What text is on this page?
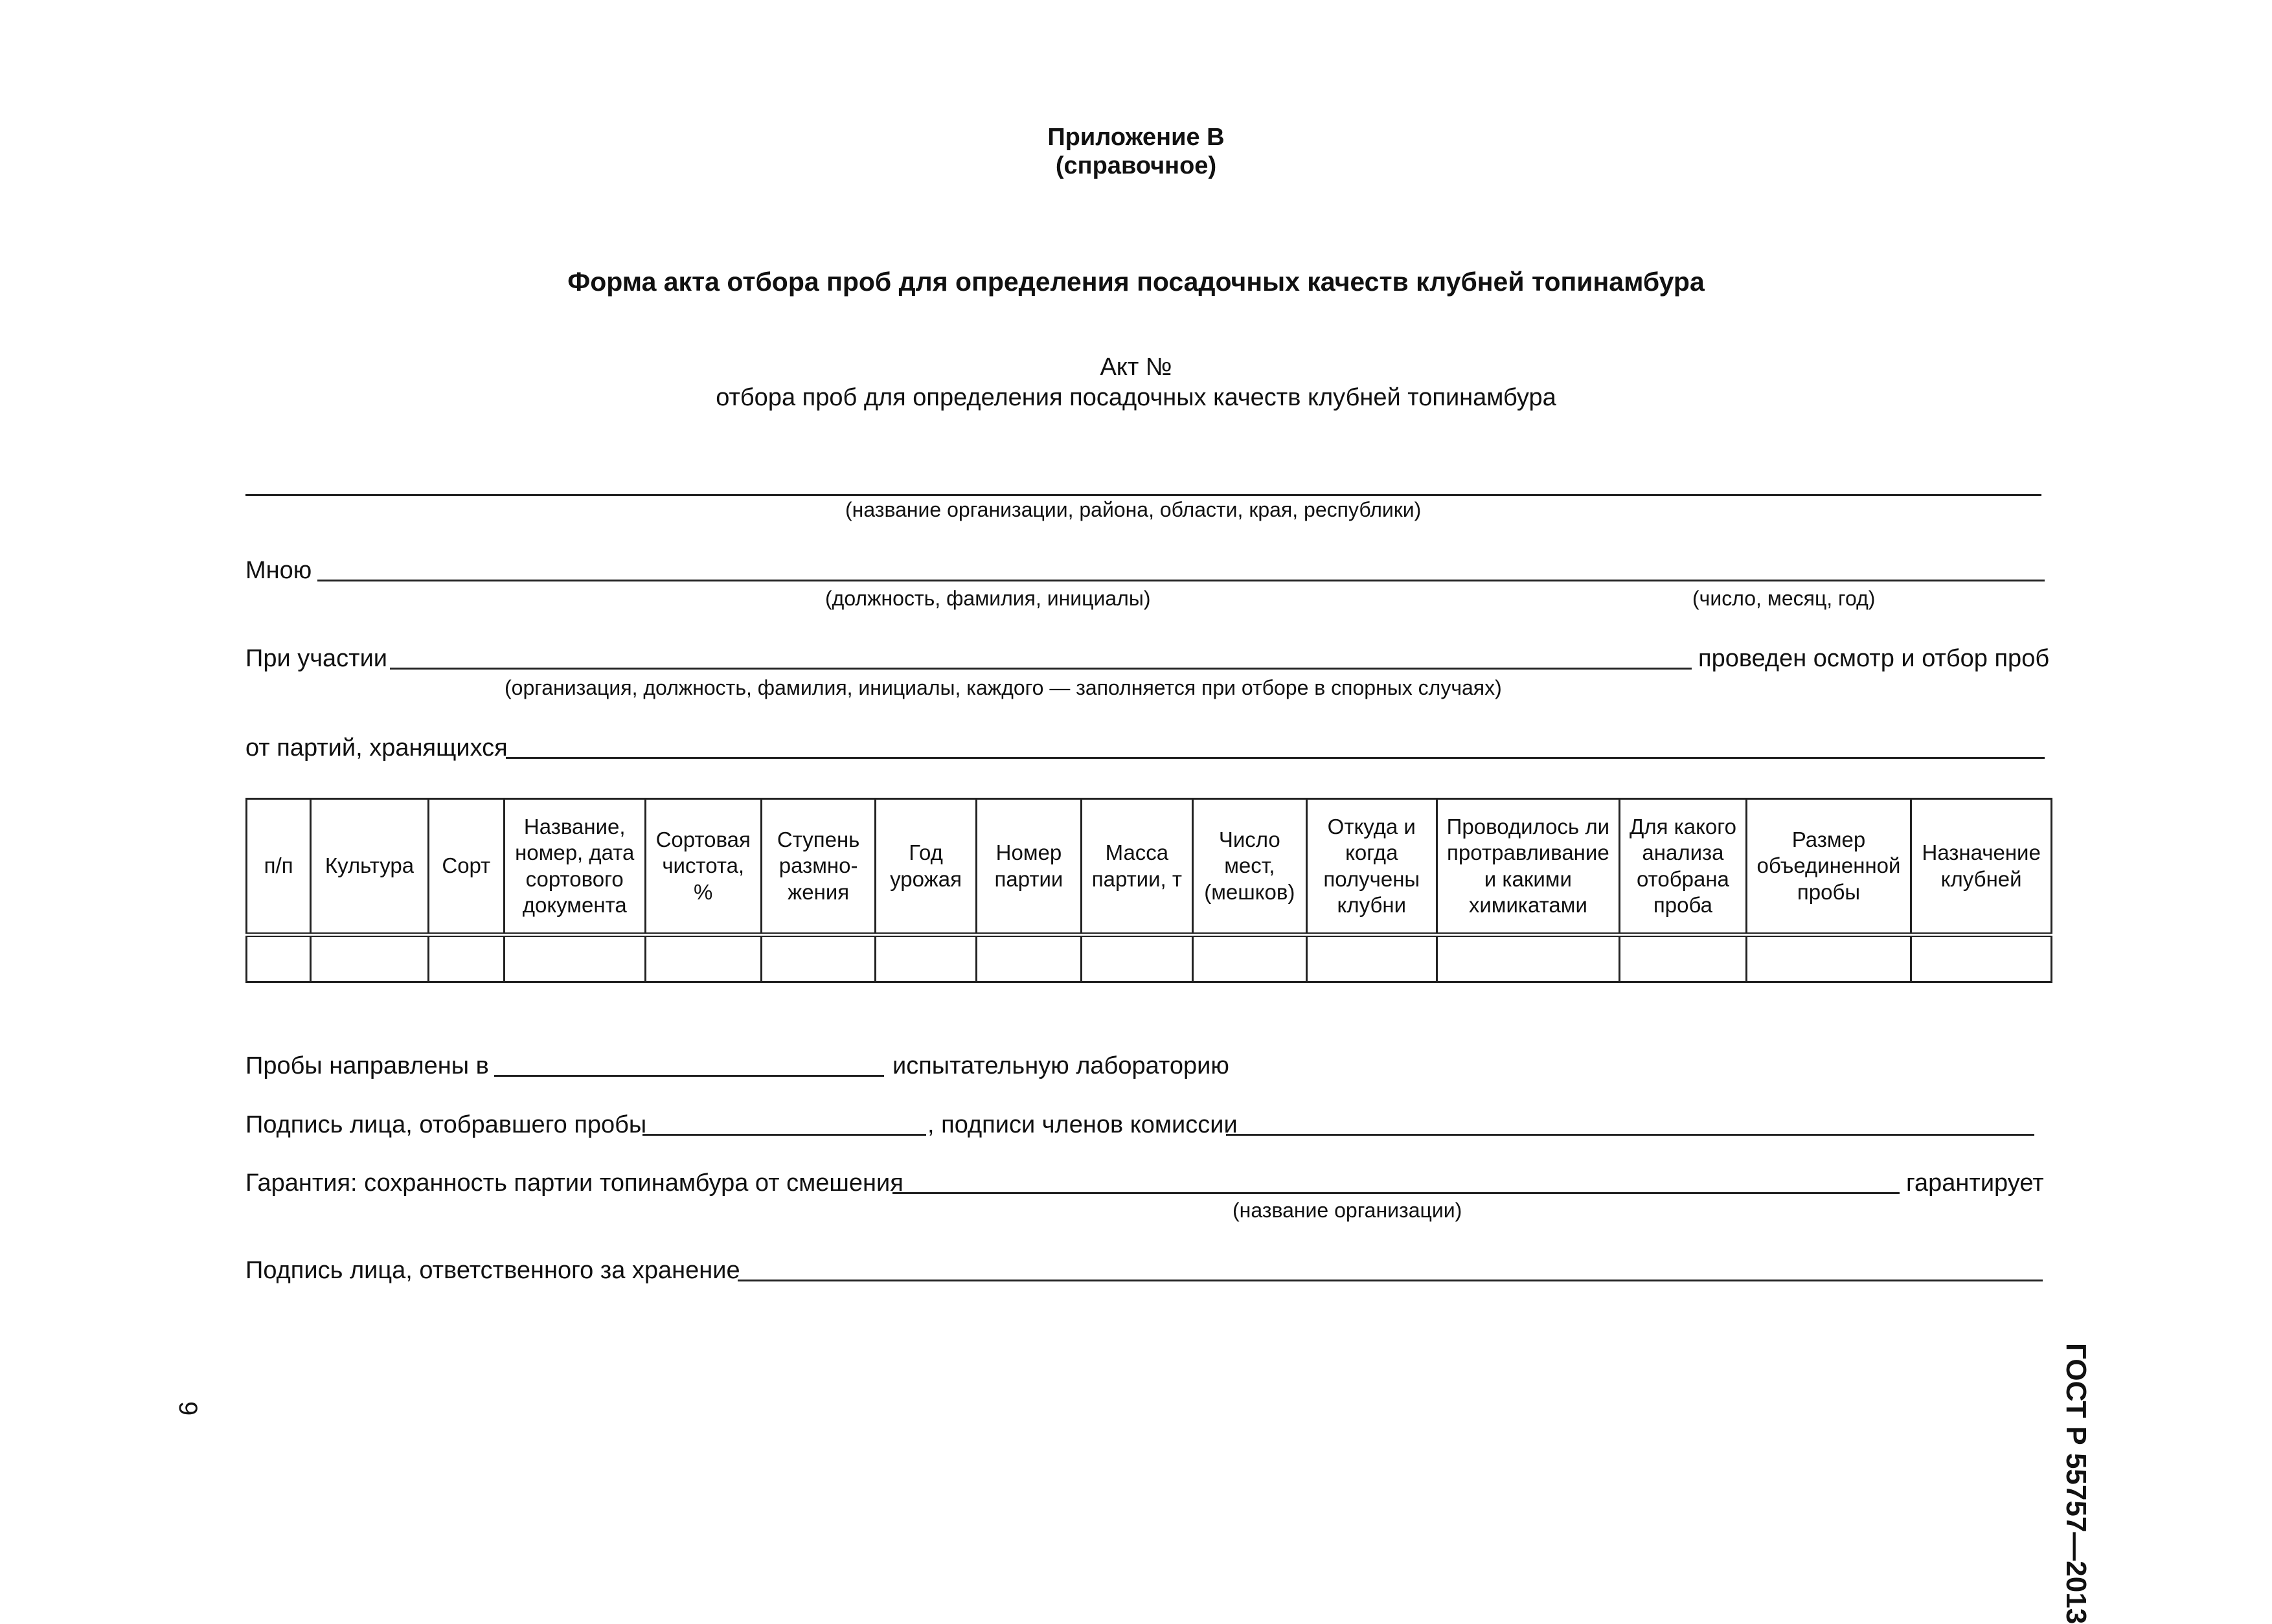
Приложение В
(справочное)
Форма акта отбора проб для определения посадочных качеств клубней топинамбура
Акт №
отбора проб для определения посадочных качеств клубней топинамбура
(название организации, района, области, края, республики)
Мною
(должность, фамилия, инициалы)	(число, месяц, год)
При участии	проведен осмотр и отбор проб
(организация, должность, фамилия, инициалы, каждого — заполняется при отборе в спорных случаях)
от партий, хранящихся
п/п	Культура	Сорт	Название, номер, дата сортового документа	Сортовая чистота, %	Ступень размно-жения	Год урожая	Номер партии	Масса партии, т	Число мест, (мешков)	Откуда и когда получены клубни	Проводилось ли протравливание и какими химикатами	Для какого анализа отобрана проба	Размер объединенной пробы	Назначение клубней

Пробы направлены в	испытательную лабораторию
Подпись лица, отобравшего пробы	, подписи членов комиссии
Гарантия: сохранность партии топинамбура от смешения	гарантирует
(название организации)
Подпись лица, ответственного за хранение
ГОСТ Р 55757—2013
9
